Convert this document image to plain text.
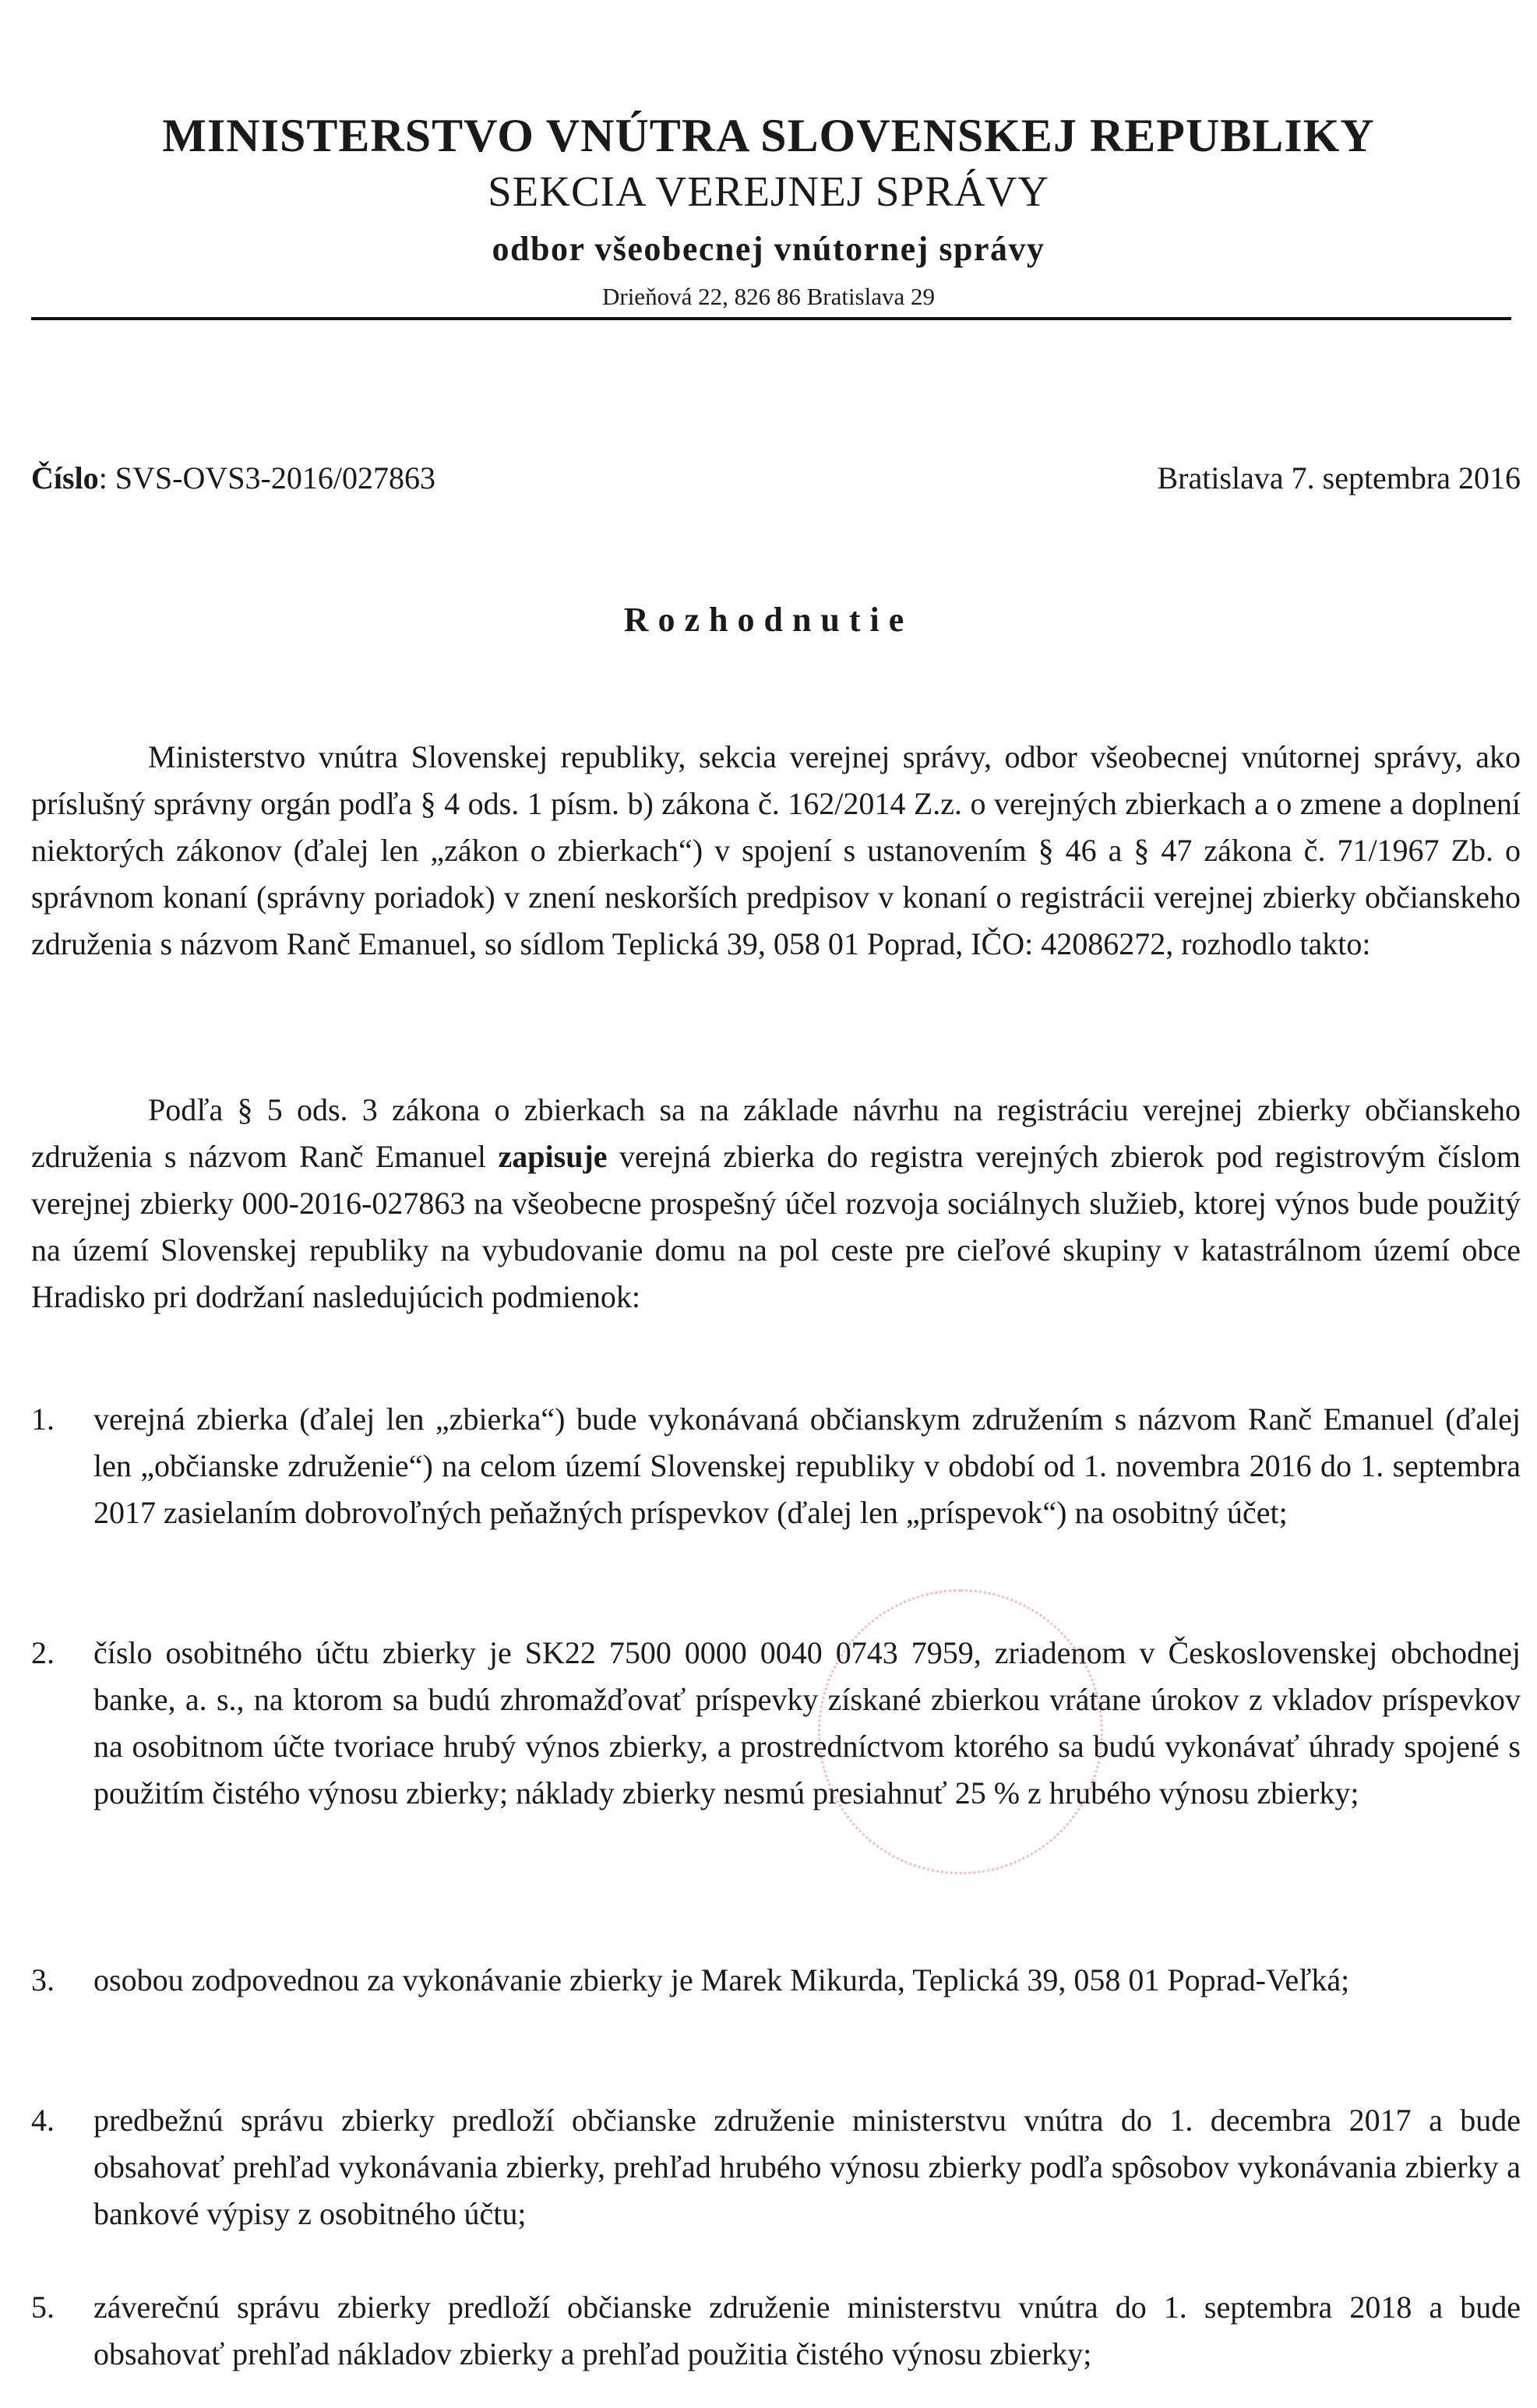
MINISTERSTVO VNÚTRA SLOVENSKEJ REPUBLIKY
SEKCIA VEREJNEJ SPRÁVY
odbor všeobecnej vnútornej správy
Drieňová 22, 826 86 Bratislava 29
Číslo: SVS-OVS3-2016/027863	Bratislava 7. septembra 2016
Rozhodnutie

Ministerstvo vnútra Slovenskej republiky, sekcia verejnej správy, odbor všeobecnej vnútornej správy, ako príslušný správny orgán podľa § 4 ods. 1 písm. b) zákona č. 162/2014 Z.z. o verejných zbierkach a o zmene a doplnení niektorých zákonov (ďalej len „zákon o zbierkach“) v spojení s ustanovením § 46 a § 47 zákona č. 71/1967 Zb. o správnom konaní (správny poriadok) v znení neskorších predpisov v konaní o registrácii verejnej zbierky občianskeho združenia s názvom Ranč Emanuel, so sídlom Teplická 39, 058 01 Poprad, IČO: 42086272, rozhodlo takto:

Podľa § 5 ods. 3 zákona o zbierkach sa na základe návrhu na registráciu verejnej zbierky občianskeho združenia s názvom Ranč Emanuel zapisuje verejná zbierka do registra verejných zbierok pod registrovým číslom verejnej zbierky 000-2016-027863 na všeobecne prospešný účel rozvoja sociálnych služieb, ktorej výnos bude použitý na území Slovenskej republiky na vybudovanie domu na pol ceste pre cieľové skupiny v katastrálnom území obce Hradisko pri dodržaní nasledujúcich podmienok:

1.	verejná zbierka (ďalej len „zbierka“) bude vykonávaná občianskym združením s názvom Ranč Emanuel (ďalej len „občianske združenie“) na celom území Slovenskej republiky v období od 1. novembra 2016 do 1. septembra 2017 zasielaním dobrovoľných peňažných príspevkov (ďalej len „príspevok“) na osobitný účet;
2.	číslo osobitného účtu zbierky je SK22 7500 0000 0040 0743 7959, zriadenom v Československej obchodnej banke, a. s., na ktorom sa budú zhromažďovať príspevky získané zbierkou vrátane úrokov z vkladov príspevkov na osobitnom účte tvoriace hrubý výnos zbierky, a prostredníctvom ktorého sa budú vykonávať úhrady spojené s použitím čistého výnosu zbierky; náklady zbierky nesmú presiahnuť 25 % z hrubého výnosu zbierky;
3.	osobou zodpovednou za vykonávanie zbierky je Marek Mikurda, Teplická 39, 058 01 Poprad-Veľká;
4.	predbežnú správu zbierky predloží občianske združenie ministerstvu vnútra do 1. decembra 2017 a bude obsahovať prehľad vykonávania zbierky, prehľad hrubého výnosu zbierky podľa spôsobov vykonávania zbierky a bankové výpisy z osobitného účtu;
5.	záverečnú správu zbierky predloží občianske združenie ministerstvu vnútra do 1. septembra 2018 a bude obsahovať prehľad nákladov zbierky a prehľad použitia čistého výnosu zbierky;
